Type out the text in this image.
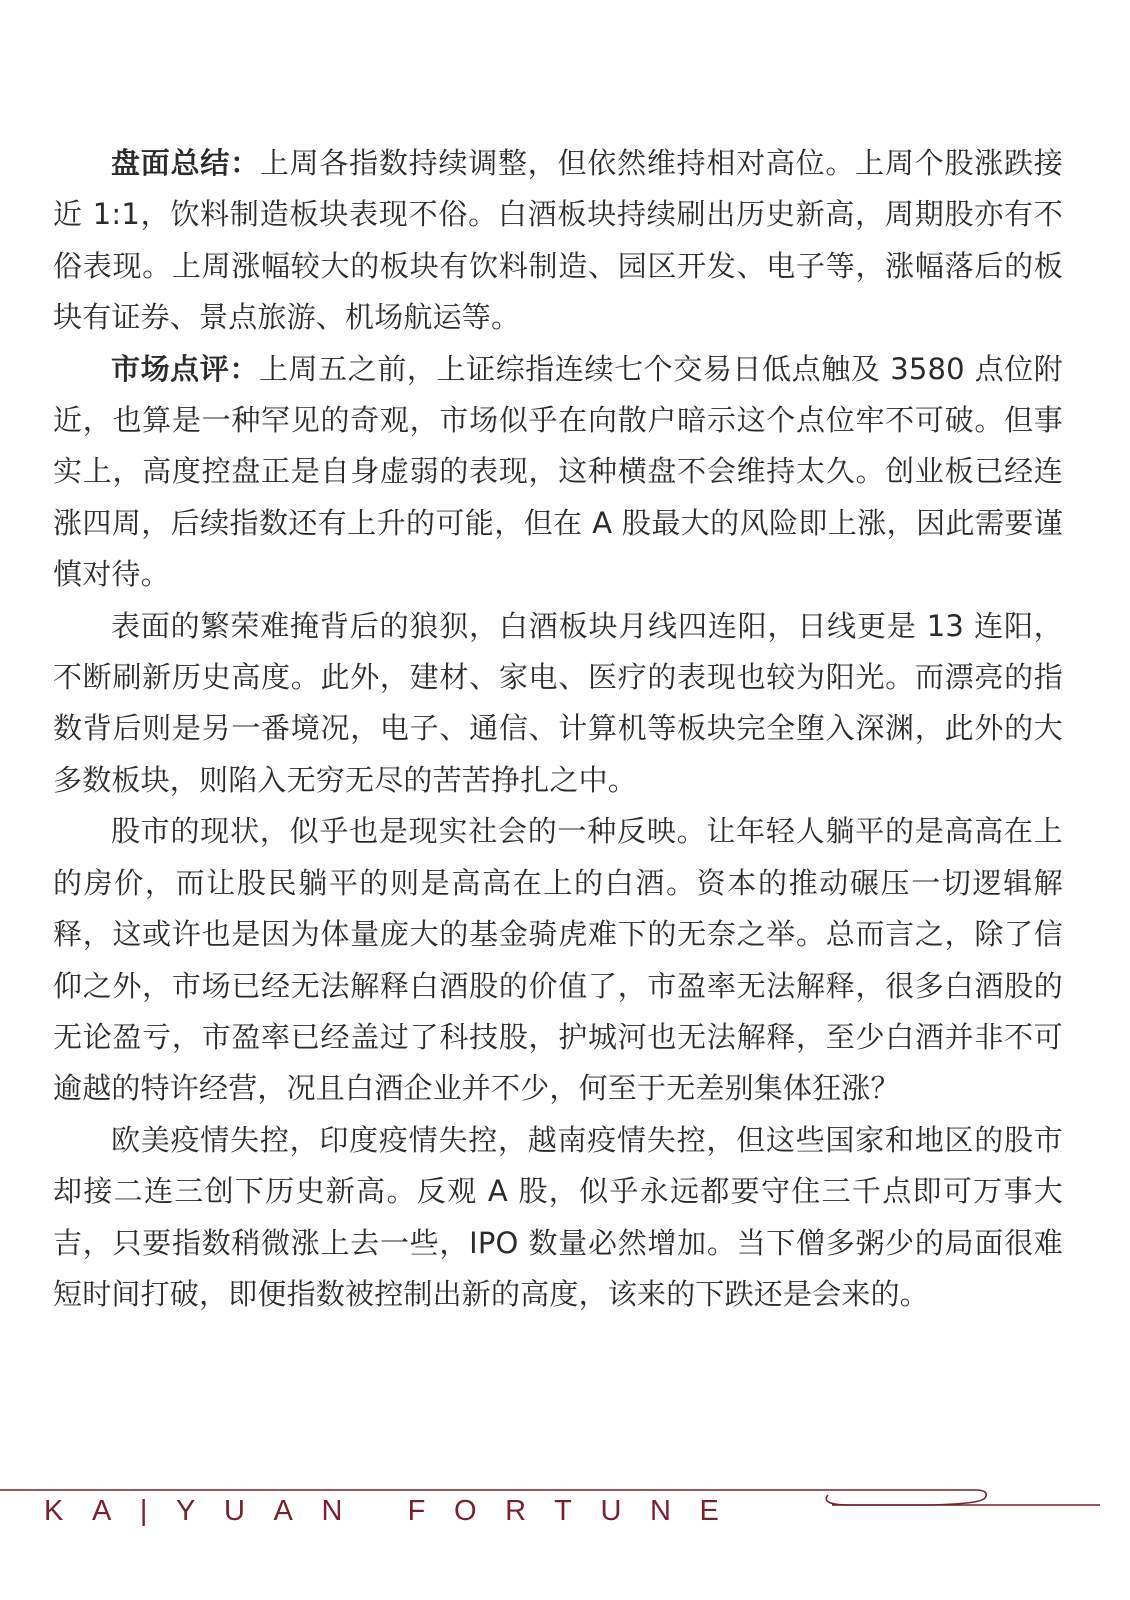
盘面总结：上周各指数持续调整，但依然维持相对高位。上周个股涨跌接近 1:1，饮料制造板块表现不俗。白酒板块持续刷出历史新高，周期股亦有不俗表现。上周涨幅较大的板块有饮料制造、园区开发、电子等，涨幅落后的板块有证券、景点旅游、机场航运等。

市场点评：上周五之前，上证综指连续七个交易日低点触及 3580 点位附近，也算是一种罕见的奇观，市场似乎在向散户暗示这个点位牢不可破。但事实上，高度控盘正是自身虚弱的表现，这种横盘不会维持太久。创业板已经连涨四周，后续指数还有上升的可能，但在 A 股最大的风险即上涨，因此需要谨慎对待。

表面的繁荣难掩背后的狼狈，白酒板块月线四连阳，日线更是 13 连阳，不断刷新历史高度。此外，建材、家电、医疗的表现也较为阳光。而漂亮的指数背后则是另一番境况，电子、通信、计算机等板块完全堕入深渊，此外的大多数板块，则陷入无穷无尽的苦苦挣扎之中。

股市的现状，似乎也是现实社会的一种反映。让年轻人躺平的是高高在上的房价，而让股民躺平的则是高高在上的白酒。资本的推动碾压一切逻辑解释，这或许也是因为体量庞大的基金骑虎难下的无奈之举。总而言之，除了信仰之外，市场已经无法解释白酒股的价值了，市盈率无法解释，很多白酒股的无论盈亏，市盈率已经盖过了科技股，护城河也无法解释，至少白酒并非不可逾越的特许经营，况且白酒企业并不少，何至于无差别集体狂涨？

欧美疫情失控，印度疫情失控，越南疫情失控，但这些国家和地区的股市却接二连三创下历史新高。反观 A 股，似乎永远都要守住三千点即可万事大吉，只要指数稍微涨上去一些，IPO 数量必然增加。当下僧多粥少的局面很难短时间打破，即便指数被控制出新的高度，该来的下跌还是会来的。

KA|YUAN FORTUNE
